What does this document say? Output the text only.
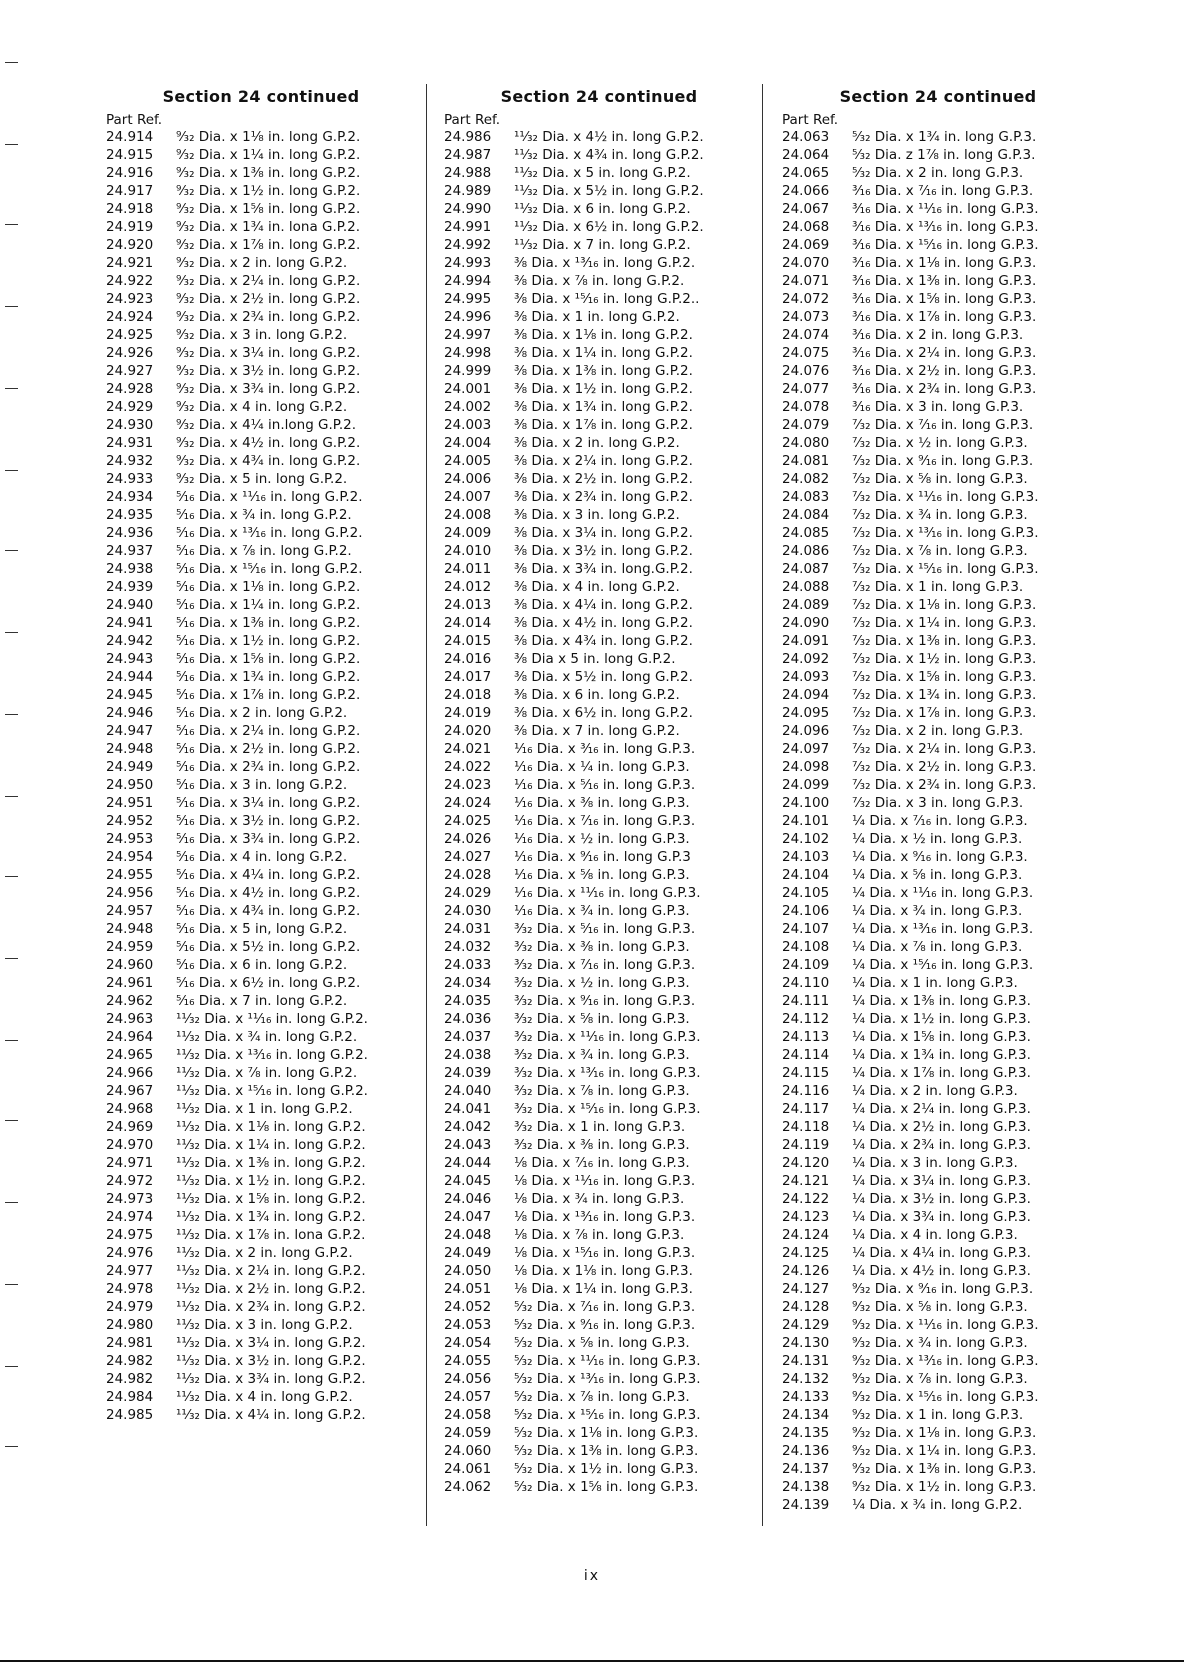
Section 24 continued
Part Ref.
24.914	⁹⁄₃₂ Dia. x 1⅛ in. long G.P.2.
24.915	⁹⁄₃₂ Dia. x 1¼ in. long G.P.2.
24.916	⁹⁄₃₂ Dia. x 1⅜ in. long G.P.2.
24.917	⁹⁄₃₂ Dia. x 1½ in. long G.P.2.
24.918	⁹⁄₃₂ Dia. x 1⅝ in. long G.P.2.
24.919	⁹⁄₃₂ Dia. x 1¾ in. lona G.P.2.
24.920	⁹⁄₃₂ Dia. x 1⅞ in. long G.P.2.
24.921	⁹⁄₃₂ Dia. x 2 in. long G.P.2.
24.922	⁹⁄₃₂ Dia. x 2¼ in. long G.P.2.
24.923	⁹⁄₃₂ Dia. x 2½ in. long G.P.2.
24.924	⁹⁄₃₂ Dia. x 2¾ in. long G.P.2.
24.925	⁹⁄₃₂ Dia. x 3 in. long G.P.2.
24.926	⁹⁄₃₂ Dia. x 3¼ in. long G.P.2.
24.927	⁹⁄₃₂ Dia. x 3½ in. long G.P.2.
24.928	⁹⁄₃₂ Dia. x 3¾ in. long G.P.2.
24.929	⁹⁄₃₂ Dia. x 4 in. long G.P.2.
24.930	⁹⁄₃₂ Dia. x 4¼ in.long G.P.2.
24.931	⁹⁄₃₂ Dia. x 4½ in. long G.P.2.
24.932	⁹⁄₃₂ Dia. x 4¾ in. long G.P.2.
24.933	⁹⁄₃₂ Dia. x 5 in. long G.P.2.
24.934	⁵⁄₁₆ Dia. x ¹¹⁄₁₆ in. long G.P.2.
24.935	⁵⁄₁₆ Dia. x ¾ in. long G.P.2.
24.936	⁵⁄₁₆ Dia. x ¹³⁄₁₆ in. long G.P.2.
24.937	⁵⁄₁₆ Dia. x ⅞ in. long G.P.2.
24.938	⁵⁄₁₆ Dia. x ¹⁵⁄₁₆ in. long G.P.2.
24.939	⁵⁄₁₆ Dia. x 1⅛ in. long G.P.2.
24.940	⁵⁄₁₆ Dia. x 1¼ in. long G.P.2.
24.941	⁵⁄₁₆ Dia. x 1⅜ in. long G.P.2.
24.942	⁵⁄₁₆ Dia. x 1½ in. long G.P.2.
24.943	⁵⁄₁₆ Dia. x 1⅝ in. long G.P.2.
24.944	⁵⁄₁₆ Dia. x 1¾ in. long G.P.2.
24.945	⁵⁄₁₆ Dia. x 1⅞ in. long G.P.2.
24.946	⁵⁄₁₆ Dia. x 2 in. long G.P.2.
24.947	⁵⁄₁₆ Dia. x 2¼ in. long G.P.2.
24.948	⁵⁄₁₆ Dia. x 2½ in. long G.P.2.
24.949	⁵⁄₁₆ Dia. x 2¾ in. long G.P.2.
24.950	⁵⁄₁₆ Dia. x 3 in. long G.P.2.
24.951	⁵⁄₁₆ Dia. x 3¼ in. long G.P.2.
24.952	⁵⁄₁₆ Dia. x 3½ in. long G.P.2.
24.953	⁵⁄₁₆ Dia. x 3¾ in. long G.P.2.
24.954	⁵⁄₁₆ Dia. x 4 in. long G.P.2.
24.955	⁵⁄₁₆ Dia. x 4¼ in. long G.P.2.
24.956	⁵⁄₁₆ Dia. x 4½ in. long G.P.2.
24.957	⁵⁄₁₆ Dia. x 4¾ in. long G.P.2.
24.948	⁵⁄₁₆ Dia. x 5 in, long G.P.2.
24.959	⁵⁄₁₆ Dia. x 5½ in. long G.P.2.
24.960	⁵⁄₁₆ Dia. x 6 in. long G.P.2.
24.961	⁵⁄₁₆ Dia. x 6½ in. long G.P.2.
24.962	⁵⁄₁₆ Dia. x 7 in. long G.P.2.
24.963	¹¹⁄₃₂ Dia. x ¹¹⁄₁₆ in. long G.P.2.
24.964	¹¹⁄₃₂ Dia. x ¾ in. long G.P.2.
24.965	¹¹⁄₃₂ Dia. x ¹³⁄₁₆ in. long G.P.2.
24.966	¹¹⁄₃₂ Dia. x ⅞ in. long G.P.2.
24.967	¹¹⁄₃₂ Dia. x ¹⁵⁄₁₆ in. long G.P.2.
24.968	¹¹⁄₃₂ Dia. x 1 in. long G.P.2.
24.969	¹¹⁄₃₂ Dia. x 1⅛ in. long G.P.2.
24.970	¹¹⁄₃₂ Dia. x 1¼ in. long G.P.2.
24.971	¹¹⁄₃₂ Dia. x 1⅜ in. long G.P.2.
24.972	¹¹⁄₃₂ Dia. x 1½ in. long G.P.2.
24.973	¹¹⁄₃₂ Dia. x 1⅝ in. long G.P.2.
24.974	¹¹⁄₃₂ Dia. x 1¾ in. long G.P.2.
24.975	¹¹⁄₃₂ Dia. x 1⅞ in. lona G.P.2.
24.976	¹¹⁄₃₂ Dia. x 2 in. long G.P.2.
24.977	¹¹⁄₃₂ Dia. x 2¼ in. long G.P.2.
24.978	¹¹⁄₃₂ Dia. x 2½ in. long G.P.2.
24.979	¹¹⁄₃₂ Dia. x 2¾ in. long G.P.2.
24.980	¹¹⁄₃₂ Dia. x 3 in. long G.P.2.
24.981	¹¹⁄₃₂ Dia. x 3¼ in. long G.P.2.
24.982	¹¹⁄₃₂ Dia. x 3½ in. long G.P.2.
24.982	¹¹⁄₃₂ Dia. x 3¾ in. long G.P.2.
24.984	¹¹⁄₃₂ Dia. x 4 in. long G.P.2.
24.985	¹¹⁄₃₂ Dia. x 4¼ in. long G.P.2.
Section 24 continued
Part Ref.
24.986	¹¹⁄₃₂ Dia. x 4½ in. long G.P.2.
24.987	¹¹⁄₃₂ Dia. x 4¾ in. long G.P.2.
24.988	¹¹⁄₃₂ Dia. x 5 in. long G.P.2.
24.989	¹¹⁄₃₂ Dia. x 5½ in. long G.P.2.
24.990	¹¹⁄₃₂ Dia. x 6 in. long G.P.2.
24.991	¹¹⁄₃₂ Dia. x 6½ in. long G.P.2.
24.992	¹¹⁄₃₂ Dia. x 7 in. long G.P.2.
24.993	⅜ Dia. x ¹³⁄₁₆ in. long G.P.2.
24.994	⅜ Dia. x ⅞ in. long G.P.2.
24.995	⅜ Dia. x ¹⁵⁄₁₆ in. long G.P.2..
24.996	⅜ Dia. x 1 in. long G.P.2.
24.997	⅜ Dia. x 1⅛ in. long G.P.2.
24.998	⅜ Dia. x 1¼ in. long G.P.2.
24.999	⅜ Dia. x 1⅜ in. long G.P.2.
24.001	⅜ Dia. x 1½ in. long G.P.2.
24.002	⅜ Dia. x 1¾ in. long G.P.2.
24.003	⅜ Dia. x 1⅞ in. long G.P.2.
24.004	⅜ Dia. x 2 in. long G.P.2.
24.005	⅜ Dia. x 2¼ in. long G.P.2.
24.006	⅜ Dia. x 2½ in. long G.P.2.
24.007	⅜ Dia. x 2¾ in. long G.P.2.
24.008	⅜ Dia. x 3 in. long G.P.2.
24.009	⅜ Dia. x 3¼ in. long G.P.2.
24.010	⅜ Dia. x 3½ in. long G.P.2.
24.011	⅜ Dia. x 3¾ in. long.G.P.2.
24.012	⅜ Dia. x 4 in. long G.P.2.
24.013	⅜ Dia. x 4¼ in. long G.P.2.
24.014	⅜ Dia. x 4½ in. long G.P.2.
24.015	⅜ Dia. x 4¾ in. long G.P.2.
24.016	⅜ Dia x 5 in. long G.P.2.
24.017	⅜ Dia. x 5½ in. long G.P.2.
24.018	⅜ Dia. x 6 in. long G.P.2.
24.019	⅜ Dia. x 6½ in. long G.P.2.
24.020	⅜ Dia. x 7 in. long G.P.2.
24.021	¹⁄₁₆ Dia. x ³⁄₁₆ in. long G.P.3.
24.022	¹⁄₁₆ Dia. x ¼ in. long G.P.3.
24.023	¹⁄₁₆ Dia. x ⁵⁄₁₆ in. long G.P.3.
24.024	¹⁄₁₆ Dia. x ⅜ in. long G.P.3.
24.025	¹⁄₁₆ Dia. x ⁷⁄₁₆ in. long G.P.3.
24.026	¹⁄₁₆ Dia. x ½ in. long G.P.3.
24.027	¹⁄₁₆ Dia. x ⁹⁄₁₆ in. long G.P.3
24.028	¹⁄₁₆ Dia. x ⅝ in. long G.P.3.
24.029	¹⁄₁₆ Dia. x ¹¹⁄₁₆ in. long G.P.3.
24.030	¹⁄₁₆ Dia. x ¾ in. long G.P.3.
24.031	³⁄₃₂ Dia. x ⁵⁄₁₆ in. long G.P.3.
24.032	³⁄₃₂ Dia. x ⅜ in. long G.P.3.
24.033	³⁄₃₂ Dia. x ⁷⁄₁₆ in. long G.P.3.
24.034	³⁄₃₂ Dia. x ½ in. long G.P.3.
24.035	³⁄₃₂ Dia. x ⁹⁄₁₆ in. long G.P.3.
24.036	³⁄₃₂ Dia. x ⅝ in. long G.P.3.
24.037	³⁄₃₂ Dia. x ¹¹⁄₁₆ in. long G.P.3.
24.038	³⁄₃₂ Dia. x ¾ in. long G.P.3.
24.039	³⁄₃₂ Dia. x ¹³⁄₁₆ in. long G.P.3.
24.040	³⁄₃₂ Dia. x ⅞ in. long G.P.3.
24.041	³⁄₃₂ Dia. x ¹⁵⁄₁₆ in. long G.P.3.
24.042	³⁄₃₂ Dia. x 1 in. long G.P.3.
24.043	³⁄₃₂ Dia. x ⅜ in. long G.P.3.
24.044	⅛ Dia. x ⁷⁄₁₆ in. long G.P.3.
24.045	⅛ Dia. x ¹¹⁄₁₆ in. long G.P.3.
24.046	⅛ Dia. x ¾ in. long G.P.3.
24.047	⅛ Dia. x ¹³⁄₁₆ in. long G.P.3.
24.048	⅛ Dia. x ⅞ in. long G.P.3.
24.049	⅛ Dia. x ¹⁵⁄₁₆ in. long G.P.3.
24.050	⅛ Dia. x 1⅛ in. long G.P.3.
24.051	⅛ Dia. x 1¼ in. long G.P.3.
24.052	⁵⁄₃₂ Dia. x ⁷⁄₁₆ in. long G.P.3.
24.053	⁵⁄₃₂ Dia. x ⁹⁄₁₆ in. long G.P.3.
24.054	⁵⁄₃₂ Dia. x ⅝ in. long G.P.3.
24.055	⁵⁄₃₂ Dia. x ¹¹⁄₁₆ in. long G.P.3.
24.056	⁵⁄₃₂ Dia. x ¹³⁄₁₆ in. long G.P.3.
24.057	⁵⁄₃₂ Dia. x ⅞ in. long G.P.3.
24.058	⁵⁄₃₂ Dia. x ¹⁵⁄₁₆ in. long G.P.3.
24.059	⁵⁄₃₂ Dia. x 1⅛ in. long G.P.3.
24.060	⁵⁄₃₂ Dia. x 1⅜ in. long G.P.3.
24.061	⁵⁄₃₂ Dia. x 1½ in. long G.P.3.
24.062	⁵⁄₃₂ Dia. x 1⅝ in. long G.P.3.
Section 24 continued
Part Ref.
24.063	⁵⁄₃₂ Dia. x 1¾ in. long G.P.3.
24.064	⁵⁄₃₂ Dia. z 1⅞ in. long G.P.3.
24.065	⁵⁄₃₂ Dia. x 2 in. long G.P.3.
24.066	³⁄₁₆ Dia. x ⁷⁄₁₆ in. long G.P.3.
24.067	³⁄₁₆ Dia. x ¹¹⁄₁₆ in. long G.P.3.
24.068	³⁄₁₆ Dia. x ¹³⁄₁₆ in. long G.P.3.
24.069	³⁄₁₆ Dia. x ¹⁵⁄₁₆ in. long G.P.3.
24.070	³⁄₁₆ Dia. x 1⅛ in. long G.P.3.
24.071	³⁄₁₆ Dia. x 1⅜ in. long G.P.3.
24.072	³⁄₁₆ Dia. x 1⅝ in. long G.P.3.
24.073	³⁄₁₆ Dia. x 1⅞ in. long G.P.3.
24.074	³⁄₁₆ Dia. x 2 in. long G.P.3.
24.075	³⁄₁₆ Dia. x 2¼ in. long G.P.3.
24.076	³⁄₁₆ Dia. x 2½ in. long G.P.3.
24.077	³⁄₁₆ Dia. x 2¾ in. long G.P.3.
24.078	³⁄₁₆ Dia. x 3 in. long G.P.3.
24.079	⁷⁄₃₂ Dia. x ⁷⁄₁₆ in. long G.P.3.
24.080	⁷⁄₃₂ Dia. x ½ in. long G.P.3.
24.081	⁷⁄₃₂ Dia. x ⁹⁄₁₆ in. long G.P.3.
24.082	⁷⁄₃₂ Dia. x ⅝ in. long G.P.3.
24.083	⁷⁄₃₂ Dia. x ¹¹⁄₁₆ in. long G.P.3.
24.084	⁷⁄₃₂ Dia. x ¾ in. long G.P.3.
24.085	⁷⁄₃₂ Dia. x ¹³⁄₁₆ in. long G.P.3.
24.086	⁷⁄₃₂ Dia. x ⅞ in. long G.P.3.
24.087	⁷⁄₃₂ Dia. x ¹⁵⁄₁₆ in. long G.P.3.
24.088	⁷⁄₃₂ Dia. x 1 in. long G.P.3.
24.089	⁷⁄₃₂ Dia. x 1⅛ in. long G.P.3.
24.090	⁷⁄₃₂ Dia. x 1¼ in. long G.P.3.
24.091	⁷⁄₃₂ Dia. x 1⅜ in. long G.P.3.
24.092	⁷⁄₃₂ Dia. x 1½ in. long G.P.3.
24.093	⁷⁄₃₂ Dia. x 1⅝ in. long G.P.3.
24.094	⁷⁄₃₂ Dia. x 1¾ in. long G.P.3.
24.095	⁷⁄₃₂ Dia. x 1⅞ in. long G.P.3.
24.096	⁷⁄₃₂ Dia. x 2 in. long G.P.3.
24.097	⁷⁄₃₂ Dia. x 2¼ in. long G.P.3.
24.098	⁷⁄₃₂ Dia. x 2½ in. long G.P.3.
24.099	⁷⁄₃₂ Dia. x 2¾ in. long G.P.3.
24.100	⁷⁄₃₂ Dia. x 3 in. long G.P.3.
24.101	¼ Dia. x ⁷⁄₁₆ in. long G.P.3.
24.102	¼ Dia. x ½ in. long G.P.3.
24.103	¼ Dia. x ⁹⁄₁₆ in. long G.P.3.
24.104	¼ Dia. x ⅝ in. long G.P.3.
24.105	¼ Dia. x ¹¹⁄₁₆ in. long G.P.3.
24.106	¼ Dia. x ¾ in. long G.P.3.
24.107	¼ Dia. x ¹³⁄₁₆ in. long G.P.3.
24.108	¼ Dia. x ⅞ in. long G.P.3.
24.109	¼ Dia. x ¹⁵⁄₁₆ in. long G.P.3.
24.110	¼ Dia. x 1 in. long G.P.3.
24.111	¼ Dia. x 1⅜ in. long G.P.3.
24.112	¼ Dia. x 1½ in. long G.P.3.
24.113	¼ Dia. x 1⅝ in. long G.P.3.
24.114	¼ Dia. x 1¾ in. long G.P.3.
24.115	¼ Dia. x 1⅞ in. long G.P.3.
24.116	¼ Dia. x 2 in. long G.P.3.
24.117	¼ Dia. x 2¼ in. long G.P.3.
24.118	¼ Dia. x 2½ in. long G.P.3.
24.119	¼ Dia. x 2¾ in. long G.P.3.
24.120	¼ Dia. x 3 in. long G.P.3.
24.121	¼ Dia. x 3¼ in. long G.P.3.
24.122	¼ Dia. x 3½ in. long G.P.3.
24.123	¼ Dia. x 3¾ in. long G.P.3.
24.124	¼ Dia. x 4 in. long G.P.3.
24.125	¼ Dia. x 4¼ in. long G.P.3.
24.126	¼ Dia. x 4½ in. long G.P.3.
24.127	⁹⁄₃₂ Dia. x ⁹⁄₁₆ in. long G.P.3.
24.128	⁹⁄₃₂ Dia. x ⅝ in. long G.P.3.
24.129	⁹⁄₃₂ Dia. x ¹¹⁄₁₆ in. long G.P.3.
24.130	⁹⁄₃₂ Dia. x ¾ in. long G.P.3.
24.131	⁹⁄₃₂ Dia. x ¹³⁄₁₆ in. long G.P.3.
24.132	⁹⁄₃₂ Dia. x ⅞ in. long G.P.3.
24.133	⁹⁄₃₂ Dia. x ¹⁵⁄₁₆ in. long G.P.3.
24.134	⁹⁄₃₂ Dia. x 1 in. long G.P.3.
24.135	⁹⁄₃₂ Dia. x 1⅛ in. long G.P.3.
24.136	⁹⁄₃₂ Dia. x 1¼ in. long G.P.3.
24.137	⁹⁄₃₂ Dia. x 1⅜ in. long G.P.3.
24.138	⁹⁄₃₂ Dia. x 1½ in. long G.P.3.
24.139	¼ Dia. x ¾ in. long G.P.2.
ix
